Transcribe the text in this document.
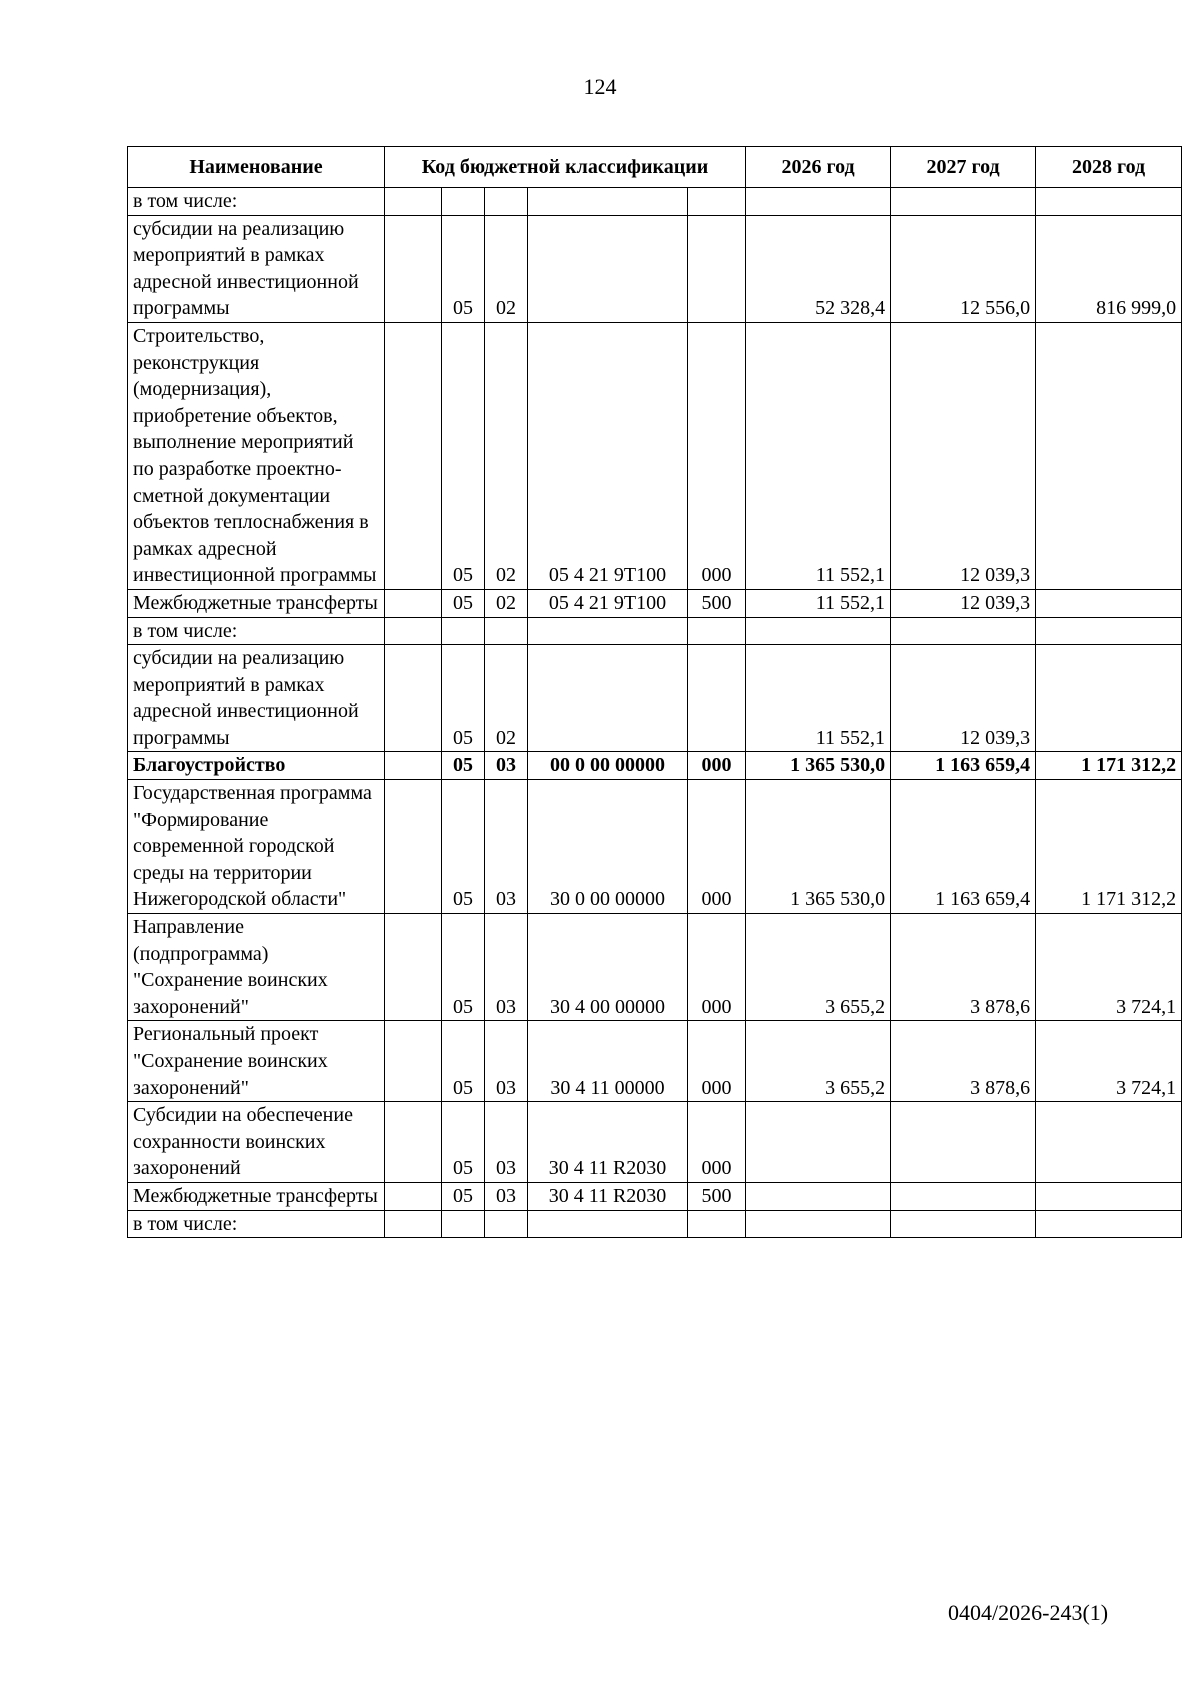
124
Наименование	Код бюджетной классификации					2026 год	2027 год	2028 год
в том числе:								
субсидии на реализацию мероприятий в рамках адресной инвестиционной программы		05	02			52 328,4	12 556,0	816 999,0
Строительство, реконструкция (модернизация), приобретение объектов, выполнение мероприятий по разработке проектно-сметной документации объектов теплоснабжения в рамках адресной инвестиционной программы		05	02	05 4 21 9Т100	000	11 552,1	12 039,3	
Межбюджетные трансферты		05	02	05 4 21 9Т100	500	11 552,1	12 039,3	
в том числе:								
субсидии на реализацию мероприятий в рамках адресной инвестиционной программы		05	02			11 552,1	12 039,3	
Благоустройство		05	03	00 0 00 00000	000	1 365 530,0	1 163 659,4	1 171 312,2
Государственная программа "Формирование современной городской среды на территории Нижегородской области"		05	03	30 0 00 00000	000	1 365 530,0	1 163 659,4	1 171 312,2
Направление (подпрограмма) "Сохранение воинских захоронений"		05	03	30 4 00 00000	000	3 655,2	3 878,6	3 724,1
Региональный проект "Сохранение воинских захоронений"		05	03	30 4 11 00000	000	3 655,2	3 878,6	3 724,1
Субсидии на обеспечение сохранности воинских захоронений		05	03	30 4 11 R2030	000			
Межбюджетные трансферты		05	03	30 4 11 R2030	500			
в том числе:								
0404/2026-243(1)
